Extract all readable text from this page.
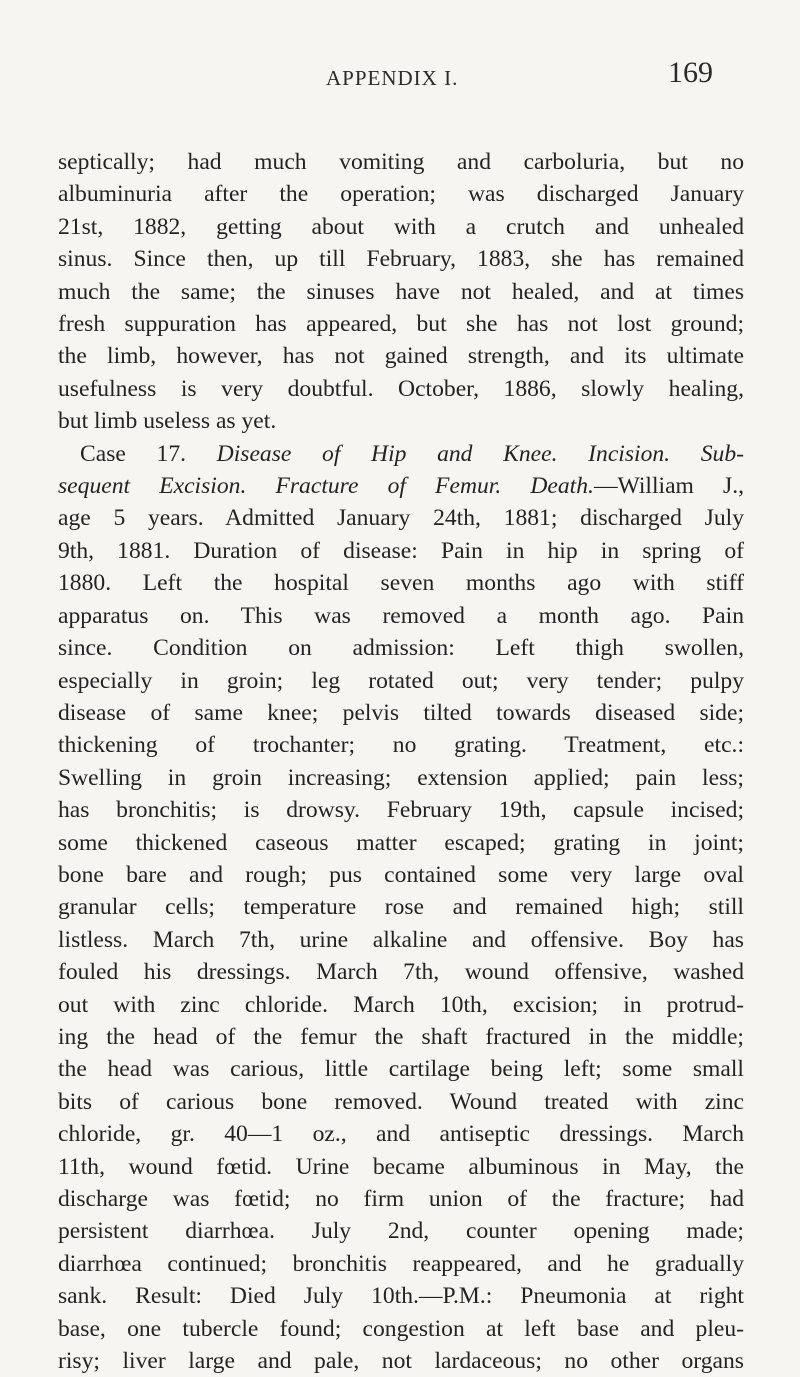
APPENDIX I.	169
septically; had much vomiting and carboluria, but no
albuminuria after the operation; was discharged January
21st, 1882, getting about with a crutch and unhealed
sinus. Since then, up till February, 1883, she has remained
much the same; the sinuses have not healed, and at times
fresh suppuration has appeared, but she has not lost ground;
the limb, however, has not gained strength, and its ultimate
usefulness is very doubtful. October, 1886, slowly healing,
but limb useless as yet.
Case 17. Disease of Hip and Knee. Incision. Sub-
sequent Excision. Fracture of Femur. Death.—William J.,
age 5 years. Admitted January 24th, 1881; discharged July
9th, 1881. Duration of disease: Pain in hip in spring of
1880. Left the hospital seven months ago with stiff
apparatus on. This was removed a month ago. Pain
since. Condition on admission: Left thigh swollen,
especially in groin; leg rotated out; very tender; pulpy
disease of same knee; pelvis tilted towards diseased side;
thickening of trochanter; no grating. Treatment, etc.:
Swelling in groin increasing; extension applied; pain less;
has bronchitis; is drowsy. February 19th, capsule incised;
some thickened caseous matter escaped; grating in joint;
bone bare and rough; pus contained some very large oval
granular cells; temperature rose and remained high; still
listless. March 7th, urine alkaline and offensive. Boy has
fouled his dressings. March 7th, wound offensive, washed
out with zinc chloride. March 10th, excision; in protrud-
ing the head of the femur the shaft fractured in the middle;
the head was carious, little cartilage being left; some small
bits of carious bone removed. Wound treated with zinc
chloride, gr. 40—1 oz., and antiseptic dressings. March
11th, wound fœtid. Urine became albuminous in May, the
discharge was fœtid; no firm union of the fracture; had
persistent diarrhœa. July 2nd, counter opening made;
diarrhœa continued; bronchitis reappeared, and he gradually
sank. Result: Died July 10th.—P.M.: Pneumonia at right
base, one tubercle found; congestion at left base and pleu-
risy; liver large and pale, not lardaceous; no other organs
